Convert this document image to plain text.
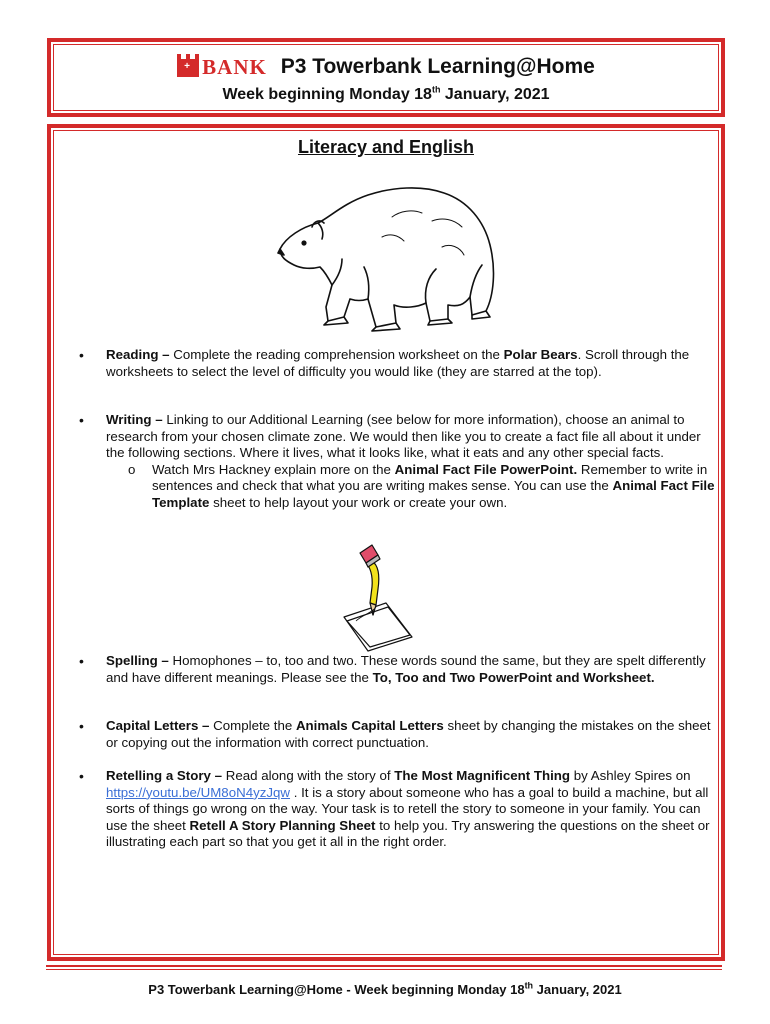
+ BANK P3 Towerbank Learning@Home
Week beginning Monday 18th January, 2021
Literacy and English
• Reading – Complete the reading comprehension worksheet on the Polar Bears. Scroll through the worksheets to select the level of difficulty you would like (they are starred at the top).
• Writing – Linking to our Additional Learning (see below for more information), choose an animal to research from your chosen climate zone. We would then like you to create a fact file all about it under the following sections. Where it lives, what it looks like, what it eats and any other special facts.
o Watch Mrs Hackney explain more on the Animal Fact File PowerPoint. Remember to write in sentences and check that what you are writing makes sense. You can use the Animal Fact File Template sheet to help layout your work or create your own.
• Spelling – Homophones – to, too and two. These words sound the same, but they are spelt differently and have different meanings. Please see the To, Too and Two PowerPoint and Worksheet.
• Capital Letters – Complete the Animals Capital Letters sheet by changing the mistakes on the sheet or copying out the information with correct punctuation.
• Retelling a Story – Read along with the story of The Most Magnificent Thing by Ashley Spires on https://youtu.be/UM8oN4yzJqw . It is a story about someone who has a goal to build a machine, but all sorts of things go wrong on the way. Your task is to retell the story to someone in your family. You can use the sheet Retell A Story Planning Sheet to help you. Try answering the questions on the sheet or illustrating each part so that you get it all in the right order.
P3 Towerbank Learning@Home - Week beginning Monday 18th January, 2021
